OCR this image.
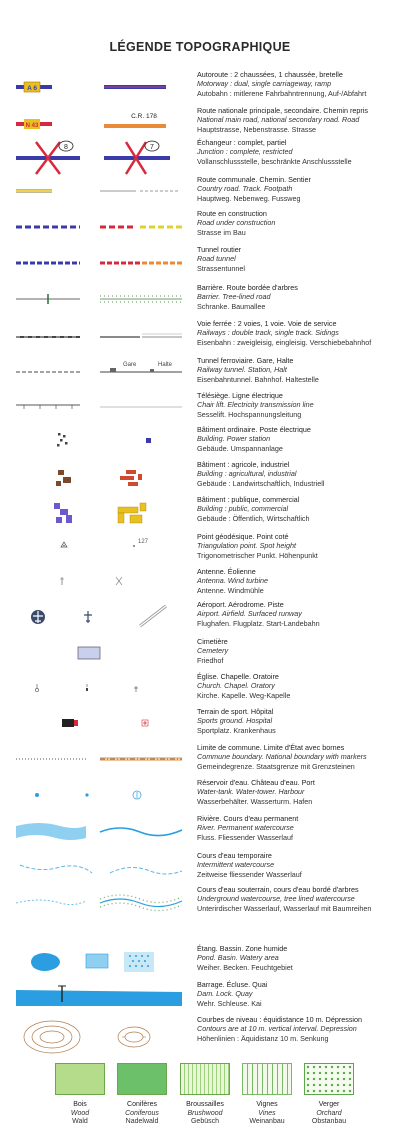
LÉGENDE TOPOGRAPHIQUE
A 6
Autoroute : 2 chaussées, 1 chaussée, bretelle
Motorway : dual, single carriageway, ramp
Autobahn : mitlerene Fahrbahntrennung, Auf-/Abfahrt
N 43
C.R. 178
Route nationale principale, secondaire. Chemin repris
National main road, national secondary road. Road
Hauptstrasse, Nebenstrasse. Strasse
8	7
Échangeur : complet, partiel
Junction : complete, restricted
Vollanschlussstelle, beschränkte Anschlussstelle
Route communale. Chemin. Sentier
Country road. Track. Footpath
Hauptweg. Nebenweg. Fussweg
Route en construction
Road under construction
Strasse im Bau
Tunnel routier
Road tunnel
Strassentunnel
Barrière. Route bordée d'arbres
Barrier. Tree-lined road
Schranke. Baumallee
Voie ferrée : 2 voies, 1 voie. Voie de service
Railways : double track, single track. Sidings
Eisenbahn : zweigleisig, eingleisig. Verschiebebahnhof
Gare	Halte	Tunnel ferroviaire. Gare, Halte
Railway tunnel. Station, Halt
Eisenbahntunnel. Bahnhof. Haltestelle
Télésiège. Ligne électrique
Chair lift. Electricity transmission line
Sesselift. Hochspannungsleitung
Bâtiment ordinaire. Poste électrique
Building. Power station
Gebäude. Umspannanlage
Bâtiment : agricole, industriel
Building : agricultural, industrial
Gebäude : Landwirtschaftlich, Industriell
Bâtiment : publique, commercial
Building : public, commercial
Gebäude : Öffentlich, Wirtschaftlich
127
Point géodésique. Point coté
Triangulation point. Spot height
Trigonometrischer Punkt. Höhenpunkt
Antenne. Éolienne
Antenna. Wind turbine
Antenne. Windmühle
Aéroport. Aérodrome. Piste
Airport. Airfield. Surfaced runway
Flughafen. Flugplatz. Start-Landebahn
Cimetière
Cemetery
Friedhof
Église. Chapelle. Oratoire
Church. Chapel. Oratory
Kirche. Kapelle. Weg-Kapelle
Terrain de sport. Hôpital
Sports ground. Hospital
Sportplatz. Krankenhaus
Limite de commune. Limite d'État avec bornes
Commune boundary. National boundary with markers
Gemeindegrenze. Staatsgrenze mit Grenzsteinen
Réservoir d'eau. Château d'eau. Port
Water-tank. Water-tower. Harbour
Wasserbehälter. Wasserturm. Hafen
Rivière. Cours d'eau permanent
River. Permanent watercourse
Fluss. Fliessender Wasserlauf
Cours d'eau temporaire
Intermittent watercourse
Zeitweise fliessender Wasserlauf
Cours d'eau souterrain, cours d'eau bordé d'arbres
Underground watercourse, tree lined watercourse
Unterirdischer Wasserlauf, Wasserlauf mit Baumreihen
Étang. Bassin. Zone humide
Pond. Basin. Watery area
Weiher. Becken. Feuchtgebiet
Barrage. Écluse. Quai
Dam. Lock. Quay
Wehr. Schleuse. Kai
Courbes de niveau : équidistance 10 m. Dépression
Contours are at 10 m. vertical interval. Depression
Höhenlinien : Äquidistanz 10 m. Senkung
Bois
Wood
Wald
Conifères
Coniferous
Nadelwald
Broussailles
Brushwood
Gebüsch
Vignes
Vines
Weinanbau
Verger
Orchard
Obstanbau
